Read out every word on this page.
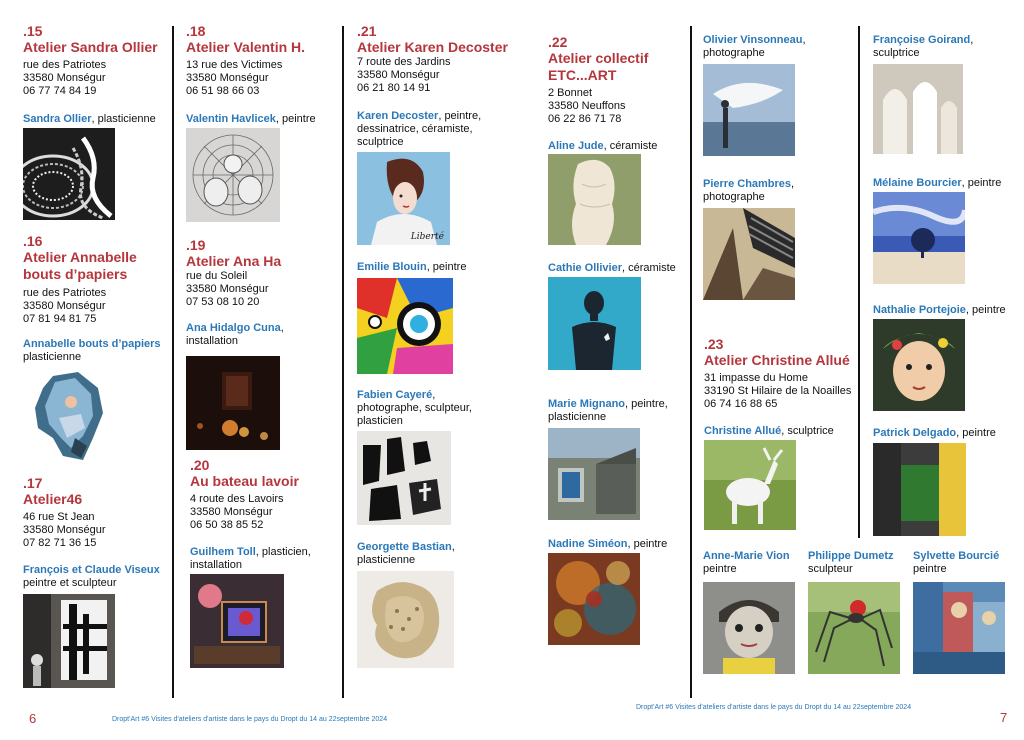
.15
Atelier Sandra Ollier
rue des Patriotes
33580 Monségur
06 77 74 84 19
Sandra Ollier, plasticienne
.16
Atelier Annabelle bouts d’papiers
rue des Patriotes
33580 Monségur
07 81 94 81 75
Annabelle bouts d’papiers
plasticienne
.17
Atelier46
46 rue St Jean
33580 Monségur
07 82 71 36 15
François et Claude Viseux
peintre et sculpteur
.18
Atelier Valentin H.
13 rue des Victimes
33580 Monségur
06 51 98 66 03
Valentin Havlicek, peintre
.19
Atelier Ana Ha
rue du Soleil
33580 Monségur
07 53 08 10 20
Ana Hidalgo Cuna,
installation
.20
Au bateau lavoir
4 route des Lavoirs
33580 Monségur
06 50 38 85 52
Guilhem Toll, plasticien,
installation
.21
Atelier Karen Decoster
7 route des Jardins
33580 Monségur
06 21 80 14 91
Karen Decoster, peintre,
dessinatrice, céramiste,
sculptrice
Liberté
Emilie Blouin, peintre
Fabien Cayeré,
photographe, sculpteur,
plasticien
Georgette Bastian,
plasticienne
.22
Atelier collectif ETC...ART
2 Bonnet
33580 Neuffons
06 22 86 71 78
Aline Jude, céramiste
Cathie Ollivier, céramiste
Marie Mignano, peintre,
plasticienne
Nadine Siméon, peintre
Olivier Vinsonneau,
photographe
Pierre Chambres,
photographe
.23
Atelier Christine Allué
31 impasse du Home
33190 St Hilaire de la Noailles
06 74 16 88 65
Christine Allué, sculptrice
Françoise Goirand,
sculptrice
Mélaine Bourcier, peintre
Nathalie Portejoie, peintre
Patrick Delgado, peintre
Anne-Marie Vion
peintre
Philippe Dumetz
sculpteur
Sylvette Bourcié
peintre
6	Dropt'Art #6 Visites d'ateliers d'artiste dans le pays du Dropt du 14 au 22septembre 2024
Dropt'Art #6 Visites d'ateliers d'artiste dans le pays du Dropt du 14 au 22septembre 2024
7
